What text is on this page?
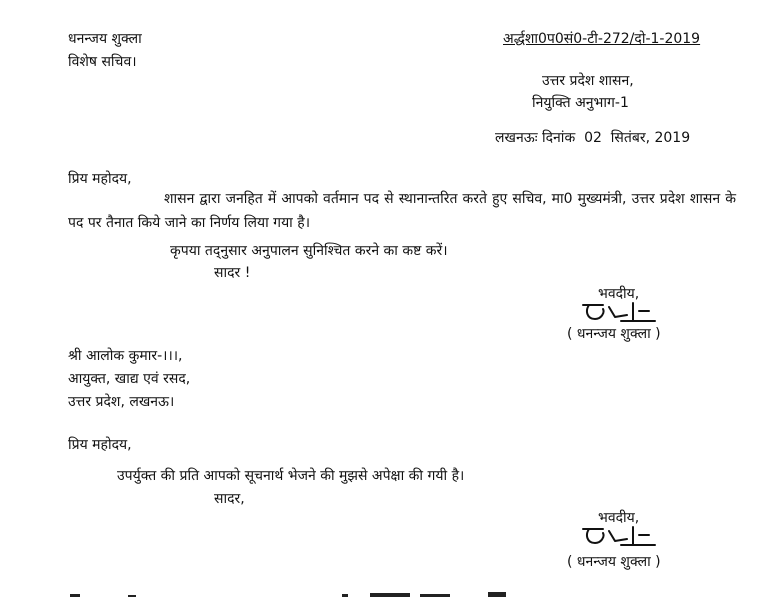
धनन्जय शुक्ला
विशेष सचिव।
अर्द्धशा0प0सं0-टी-272/दो-1-2019
उत्तर प्रदेश शासन,
नियुक्ति अनुभाग-1
लखनऊः दिनांक  02  सितंबर, 2019
प्रिय महोदय,
शासन द्वारा जनहित में आपको वर्तमान पद से स्थानान्तरित करते हुए सचिव, मा0 मुख्यमंत्री, उत्तर प्रदेश शासन के पद पर तैनात किये जाने का निर्णय लिया गया है।
कृपया तद्नुसार अनुपालन सुनिश्चित करने का कष्ट करें।
सादर !
भवदीय,
( धनन्जय शुक्ला )
श्री आलोक कुमार-।।।,
आयुक्त, खाद्य एवं रसद,
उत्तर प्रदेश, लखनऊ।
प्रिय महोदय,
उपर्युक्त की प्रति आपको सूचनार्थ भेजने की मुझसे अपेक्षा की गयी है।
सादर,
भवदीय,
( धनन्जय शुक्ला )
